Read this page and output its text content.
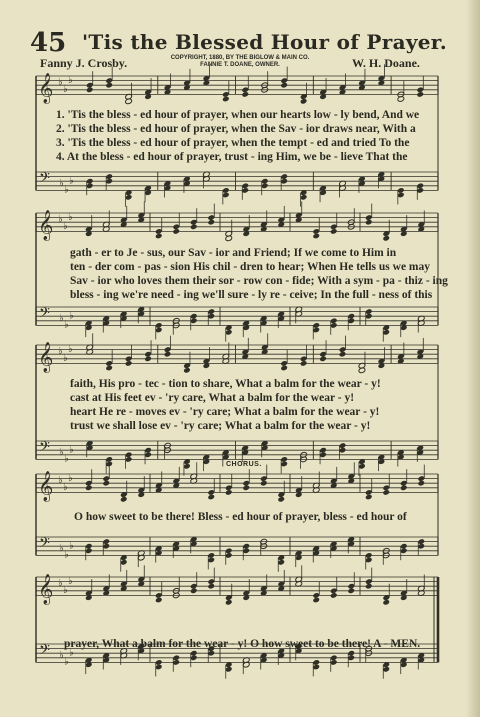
𝄞 ♭
♭
♭
𝄢 ♭
♭
♭
𝄞 ♭
♭
♭
𝄢 ♭
♭
♭
𝄞 ♭
♭
♭
𝄢 ♭
♭
♭
𝄞 ♭
♭
♭
𝄢 ♭
♭
♭
𝄞 ♭
♭
♭
𝄢 ♭
♭
♭
45 'Tis the Blessed Hour of Prayer.
Fanny J. Crosby.	COPYRIGHT, 1880, BY THE BIGLOW & MAIN CO.
FANNIE T. DOANE, OWNER.	W. H. Doane.
1. 'Tis the bless - ed hour of prayer, when our hearts low - ly bend, And we
2. 'Tis the bless - ed hour of prayer, when the Sav - ior draws near, With a
3. 'Tis the bless - ed hour of prayer, when the tempt - ed and tried To the
4. At the bless - ed hour of prayer, trust - ing Him, we be - lieve That the
gath - er to Je - sus, our Sav - ior and Friend; If we come to Him in
ten - der com - pas - sion His chil - dren to hear; When He tells us we may
Sav - ior who loves them their sor - row con - fide; With a sym - pa - thiz - ing
bless - ing we're need - ing we'll sure - ly re - ceive; In the full - ness of this
faith, His pro - tec - tion to share, What a balm for the wear - y!
cast at His feet ev - 'ry care, What a balm for the wear - y!
heart He re - moves ev - 'ry care; What a balm for the wear - y!
trust we shall lose ev - 'ry care; What a balm for the wear - y!
CHORUS.
O how sweet to be there! Bless - ed hour of prayer, bless - ed hour of
prayer, What a balm for the wear - y! O how sweet to be there! A - MEN.
